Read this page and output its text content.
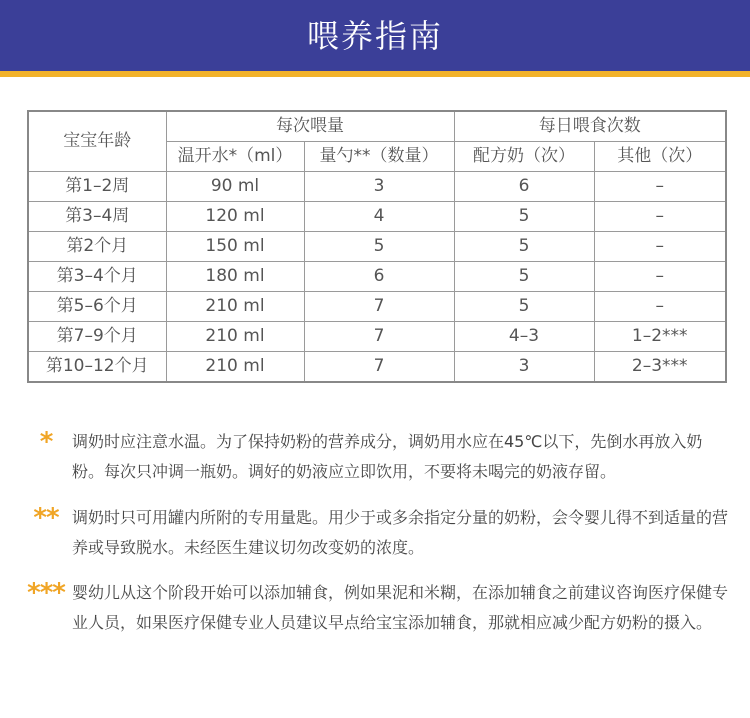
喂养指南
宝宝年龄	每次喂量		每日喂食次数	
	温开水*（ml）	量勺**（数量）	配方奶（次）	其他（次）
第1–2周	90 ml	3	6	–
第3–4周	120 ml	4	5	–
第2个月	150 ml	5	5	–
第3–4个月	180 ml	6	5	–
第5–6个月	210 ml	7	5	–
第7–9个月	210 ml	7	4–3	1–2***
第10–12个月	210 ml	7	3	2–3***
*	调奶时应注意水温。为了保持奶粉的营养成分，调奶用水应在45℃以下，先倒水再放入奶粉。每次只冲调一瓶奶。调好的奶液应立即饮用，不要将未喝完的奶液存留。
** 调奶时只可用罐内所附的专用量匙。用少于或多余指定分量的奶粉，会令婴儿得不到适量的营养或导致脱水。未经医生建议切勿改变奶的浓度。
*** 婴幼儿从这个阶段开始可以添加辅食，例如果泥和米糊，在添加辅食之前建议咨询医疗保健专业人员，如果医疗保健专业人员建议早点给宝宝添加辅食，那就相应减少配方奶粉的摄入。
